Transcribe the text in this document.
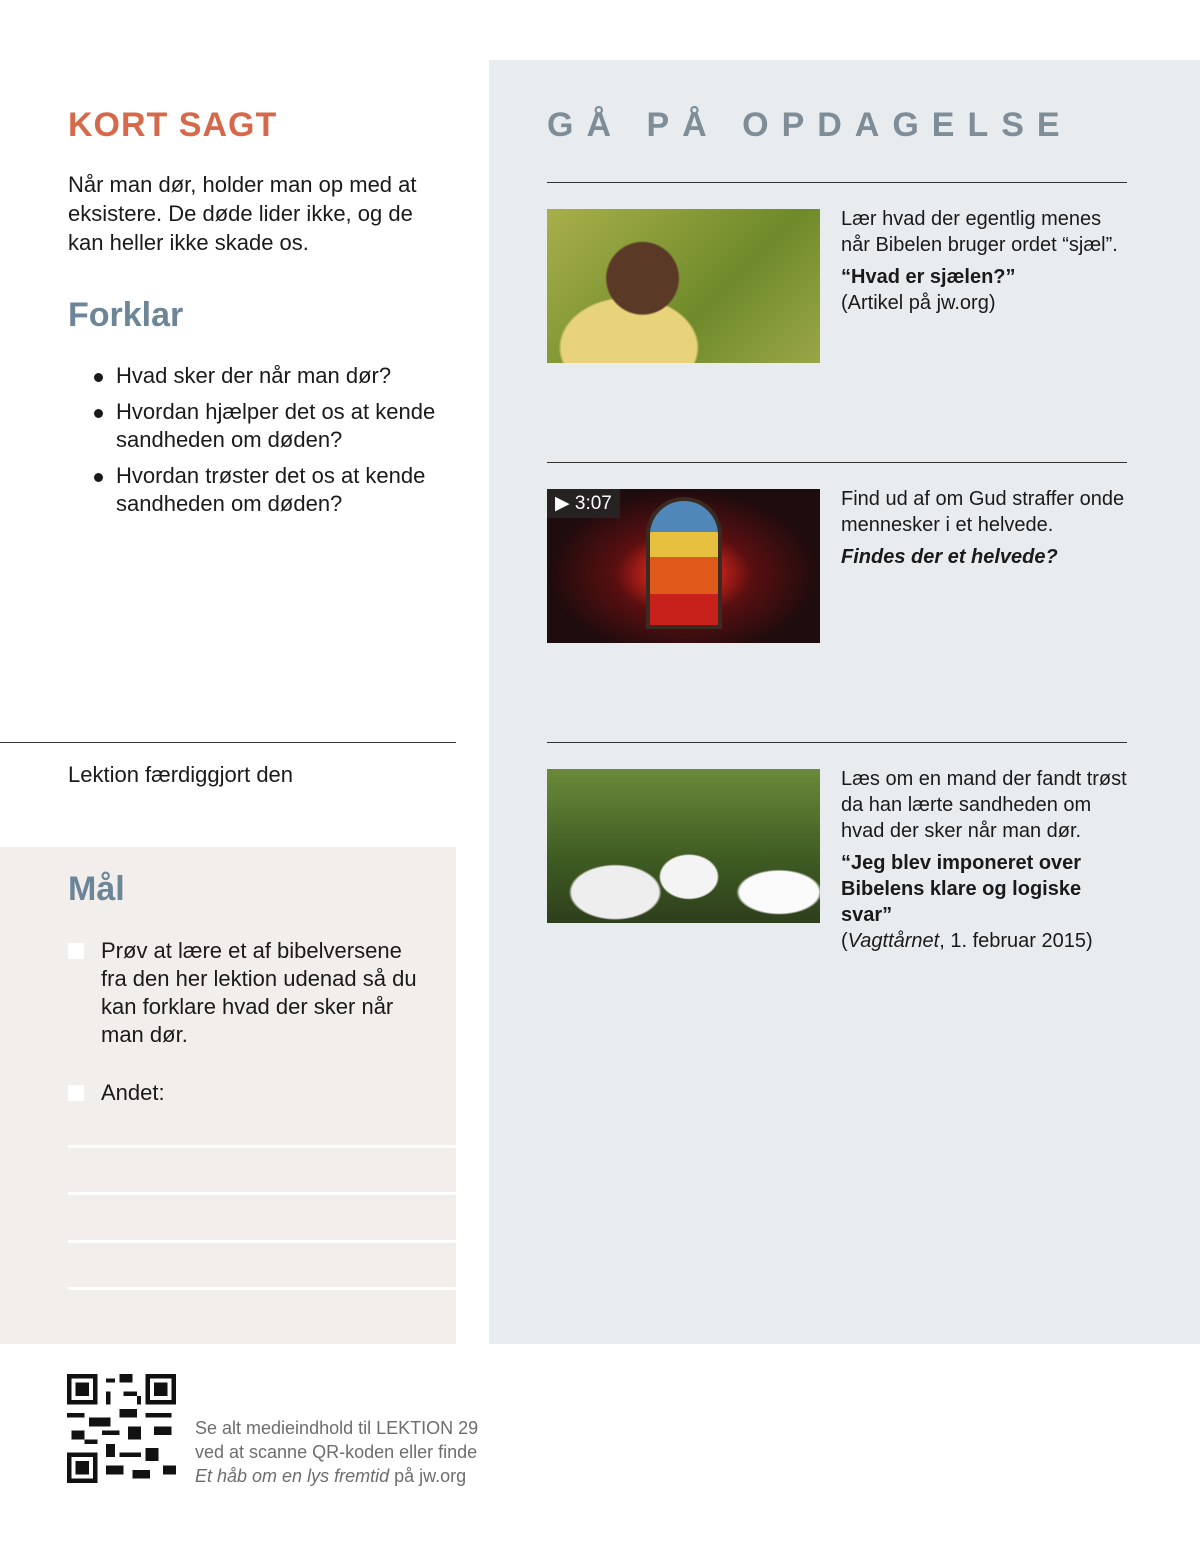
KORT SAGT
Når man dør, holder man op med at eksistere. De døde lider ikke, og de kan heller ikke skade os.
Forklar
Hvad sker der når man dør?
Hvordan hjælper det os at kende sandheden om døden?
Hvordan trøster det os at kende sandheden om døden?
Lektion færdiggjort den
Mål
Prøv at lære et af bibelversene fra den her lektion udenad så du kan forklare hvad der sker når man dør.
Andet:
GÅ PÅ OPDAGELSE
Lær hvad der egentlig menes når Bibelen bruger ordet “sjæl”.
“Hvad er sjælen?”
(Artikel på jw.org)
▶ 3:07	Find ud af om Gud straffer onde mennesker i et helvede.
Findes der et helvede?
Læs om en mand der fandt trøst da han lærte sandheden om hvad der sker når man dør.
“Jeg blev imponeret over Bibelens klare og logiske svar”
(Vagttårnet, 1. februar 2015)
Se alt medieindhold til LEKTION 29
ved at scanne QR-koden eller finde
Et håb om en lys fremtid på jw.org
